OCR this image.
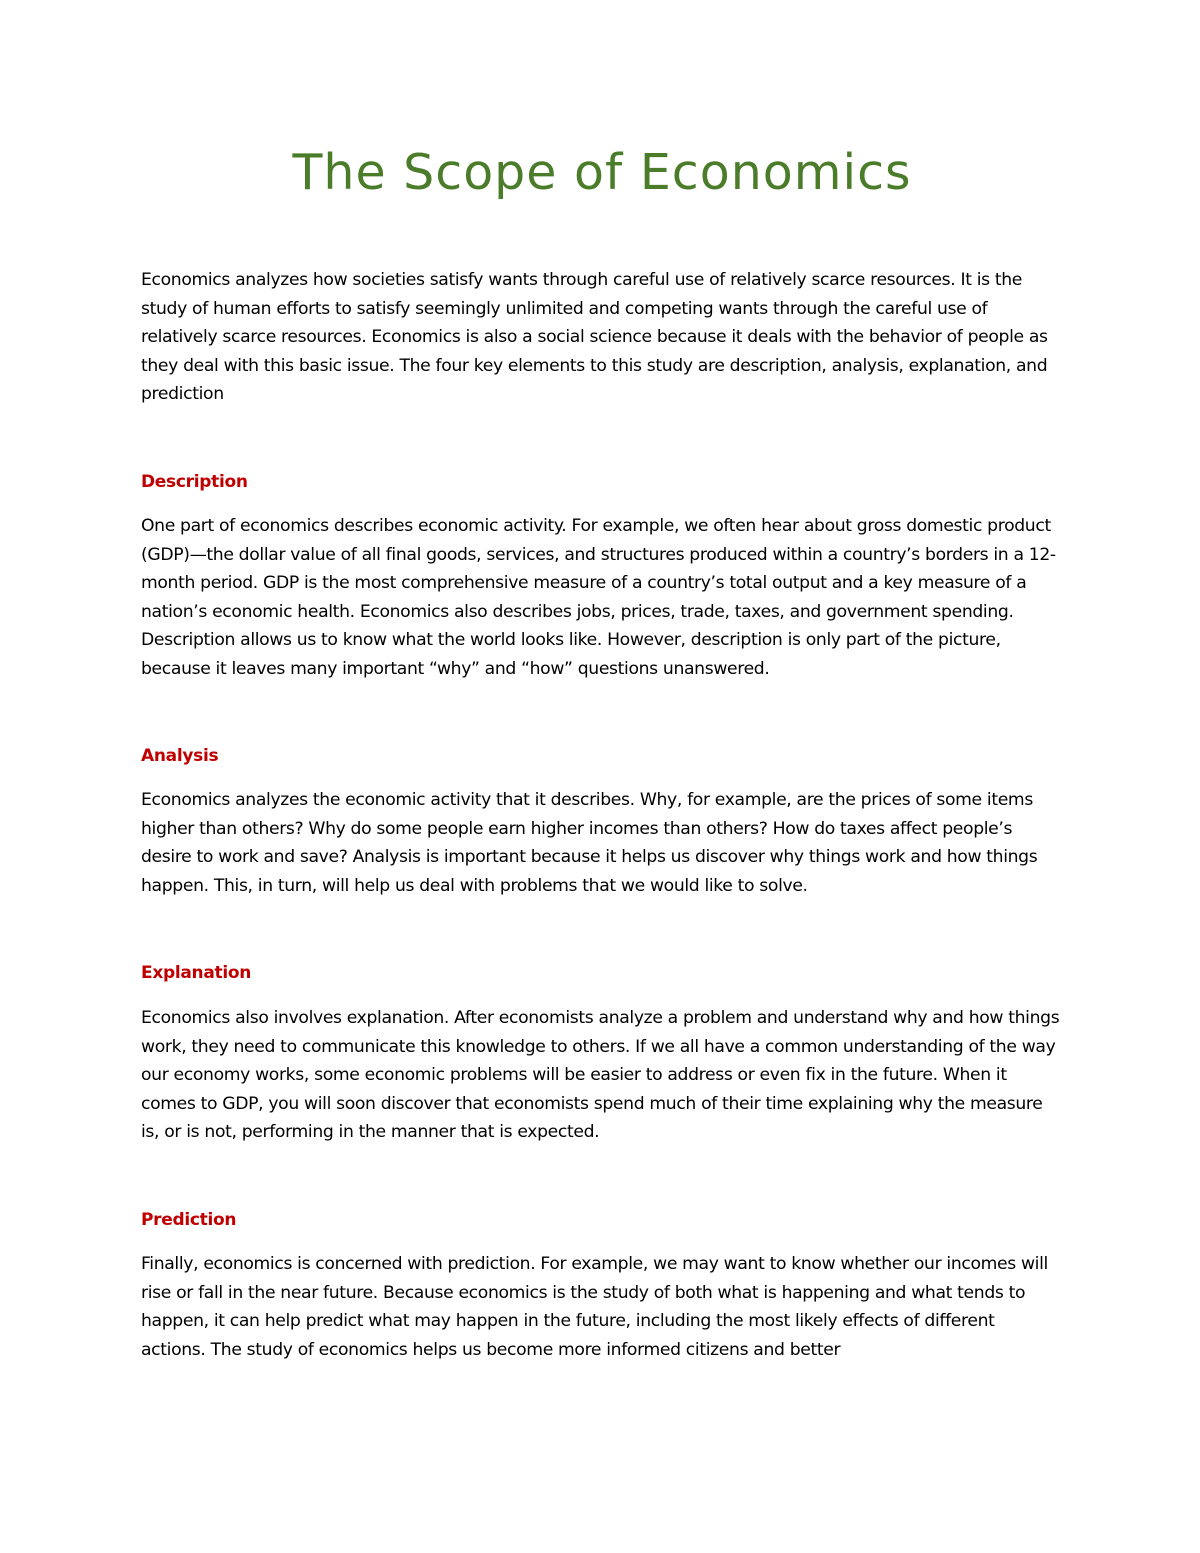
The Scope of Economics

Economics analyzes how societies satisfy wants through careful use of relatively scarce resources. It is the study of human efforts to satisfy seemingly unlimited and competing wants through the careful use of relatively scarce resources. Economics is also a social science because it deals with the behavior of people as they deal with this basic issue. The four key elements to this study are description, analysis, explanation, and prediction

Description

One part of economics describes economic activity. For example, we often hear about gross domestic product (GDP)—the dollar value of all final goods, services, and structures produced within a country’s borders in a 12-month period. GDP is the most comprehensive measure of a country’s total output and a key measure of a nation’s economic health. Economics also describes jobs, prices, trade, taxes, and government spending. Description allows us to know what the world looks like. However, description is only part of the picture, because it leaves many important “why” and “how” questions unanswered.

Analysis

Economics analyzes the economic activity that it describes. Why, for example, are the prices of some items higher than others? Why do some people earn higher incomes than others? How do taxes affect people’s desire to work and save? Analysis is important because it helps us discover why things work and how things happen. This, in turn, will help us deal with problems that we would like to solve.

Explanation

Economics also involves explanation. After economists analyze a problem and understand why and how things work, they need to communicate this knowledge to others. If we all have a common understanding of the way our economy works, some economic problems will be easier to address or even fix in the future. When it comes to GDP, you will soon discover that economists spend much of their time explaining why the measure is, or is not, performing in the manner that is expected.

Prediction

Finally, economics is concerned with prediction. For example, we may want to know whether our incomes will rise or fall in the near future. Because economics is the study of both what is happening and what tends to happen, it can help predict what may happen in the future, including the most likely effects of different actions. The study of economics helps us become more informed citizens and better
